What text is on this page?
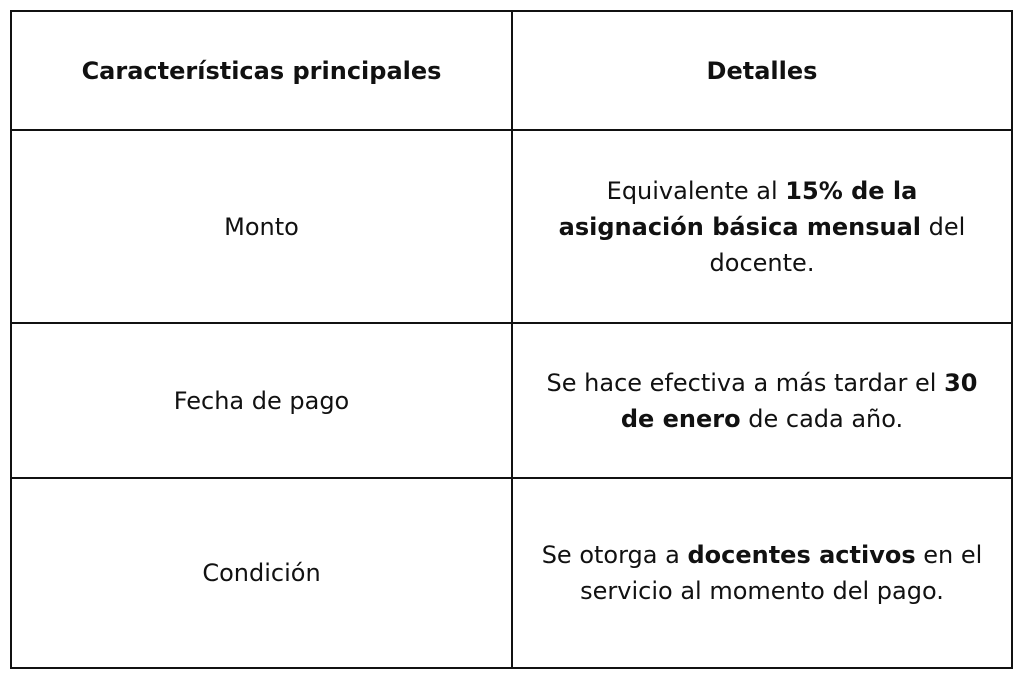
Características principales	Detalles
Monto
Equivalente al 15% de la asignación básica mensual del docente.
Fecha de pago
Se hace efectiva a más tardar el 30 de enero de cada año.
Condición
Se otorga a docentes activos en el servicio al momento del pago.
